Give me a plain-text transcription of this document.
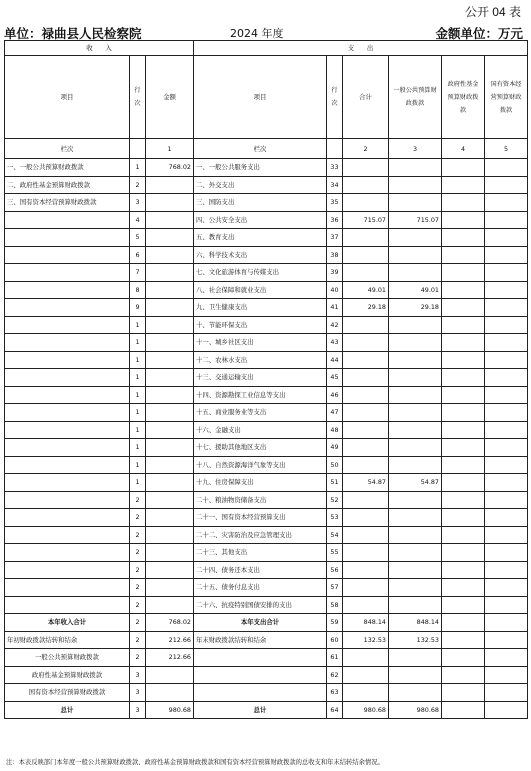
公开 04 表
单位：禄曲县人民检察院	2024 年度	金额单位：万元
收　　入			支　　出					
项目	行次	金额	项目	行次	合计	一般公共预算财政拨款	政府性基金预算财政拨款	国有资本经营预算财政拨款
栏次		1	栏次		2	3	4	5
一、一般公共预算财政拨款	1	768.02	一、一般公共服务支出	33				
二、政府性基金预算财政拨款	2		二、外交支出	34				
三、国有资本经营预算财政拨款	3		三、国防支出	35				
	4		四、公共安全支出	36	715.07	715.07		
	5		五、教育支出	37				
	6		六、科学技术支出	38				
	7		七、文化旅游体育与传媒支出	39				
	8		八、社会保障和就业支出	40	49.01	49.01		
	9		九、卫生健康支出	41	29.18	29.18		
	1		十、节能环保支出	42				
	1		十一、城乡社区支出	43				
	1		十二、农林水支出	44				
	1		十三、交通运输支出	45				
	1		十四、资源勘探工业信息等支出	46				
	1		十五、商业服务业等支出	47				
	1		十六、金融支出	48				
	1		十七、援助其他地区支出	49				
	1		十八、自然资源海洋气象等支出	50				
	1		十九、住房保障支出	51	54.87	54.87		
	2		二十、粮油物资储备支出	52				
	2		二十一、国有资本经营预算支出	53				
	2		二十二、灾害防治及应急管理支出	54				
	2		二十三、其他支出	55				
	2		二十四、债务还本支出	56				
	2		二十五、债务付息支出	57				
	2		二十六、抗疫特别国债安排的支出	58				
本年收入合计	2	768.02	本年支出合计	59	848.14	848.14		
年初财政拨款结转和结余	2	212.66	年末财政拨款结转和结余	60	132.53	132.53		
一般公共预算财政拨款	2	212.66		61				
政府性基金预算财政拨款	3			62				
国有资本经营预算财政拨款	3			63				
总计	3	980.68	总计	64	980.68	980.68		
注：本表反映部门本年度一般公共预算财政拨款、政府性基金预算财政拨款和国有资本经营预算财政拨款的总收支和年末结转结余情况。
